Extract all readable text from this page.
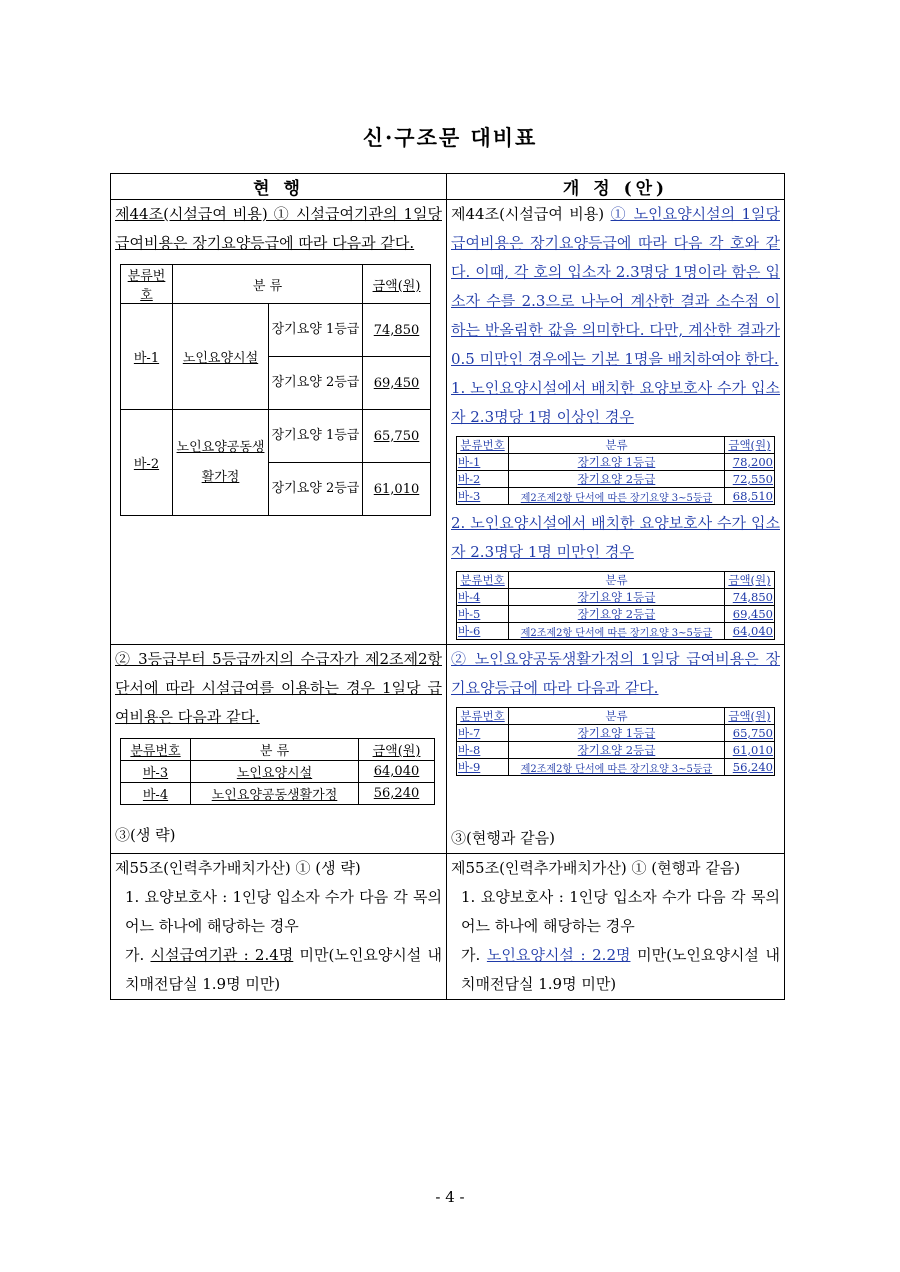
신·구조문 대비표
현 행	개 정 (안)

제44조(시설급여 비용) ① 시설급여기관의 1일당 급여비용은 장기요양등급에 따라 다음과 같다.
분류번호	분 류	금액(원)
바-1	노인요양시설	장기요양 1등급	74,850
장기요양 2등급	69,450
바-2	노인요양공동생활가정	장기요양 1등급	65,750
장기요양 2등급	61,010

제44조(시설급여 비용) ① 노인요양시설의 1일당 급여비용은 장기요양등급에 따라 다음 각 호와 같다. 이때, 각 호의 입소자 2.3명당 1명이라 함은 입소자 수를 2.3으로 나누어 계산한 결과 소수점 이하는 반올림한 값을 의미한다. 다만, 계산한 결과가 0.5 미만인 경우에는 기본 1명을 배치하여야 한다.
1. 노인요양시설에서 배치한 요양보호사 수가 입소자 2.3명당 1명 이상인 경우
분류번호	분류	금액(원)
바-1	장기요양 1등급	78,200
바-2	장기요양 2등급	72,550
바-3	제2조제2항 단서에 따른 장기요양 3~5등급	68,510
2. 노인요양시설에서 배치한 요양보호사 수가 입소자 2.3명당 1명 미만인 경우
분류번호	분류	금액(원)
바-4	장기요양 1등급	74,850
바-5	장기요양 2등급	69,450
바-6	제2조제2항 단서에 따른 장기요양 3~5등급	64,040

② 3등급부터 5등급까지의 수급자가 제2조제2항 단서에 따라 시설급여를 이용하는 경우 1일당 급여비용은 다음과 같다.
분류번호	분 류	금액(원)
바-3	노인요양시설	64,040
바-4	노인요양공동생활가정	56,240
③(생 략)

② 노인요양공동생활가정의 1일당 급여비용은 장기요양등급에 따라 다음과 같다.
분류번호	분류	금액(원)
바-7	장기요양 1등급	65,750
바-8	장기요양 2등급	61,010
바-9	제2조제2항 단서에 따른 장기요양 3~5등급	56,240
③(현행과 같음)

제55조(인력추가배치가산) ① (생 략)
1. 요양보호사 : 1인당 입소자 수가 다음 각 목의 어느 하나에 해당하는 경우
가. 시설급여기관 : 2.4명 미만(노인요양시설 내 치매전담실 1.9명 미만)

제55조(인력추가배치가산) ① (현행과 같음)
1. 요양보호사 : 1인당 입소자 수가 다음 각 목의 어느 하나에 해당하는 경우
가. 노인요양시설 : 2.2명 미만(노인요양시설 내 치매전담실 1.9명 미만)
- 4 -
